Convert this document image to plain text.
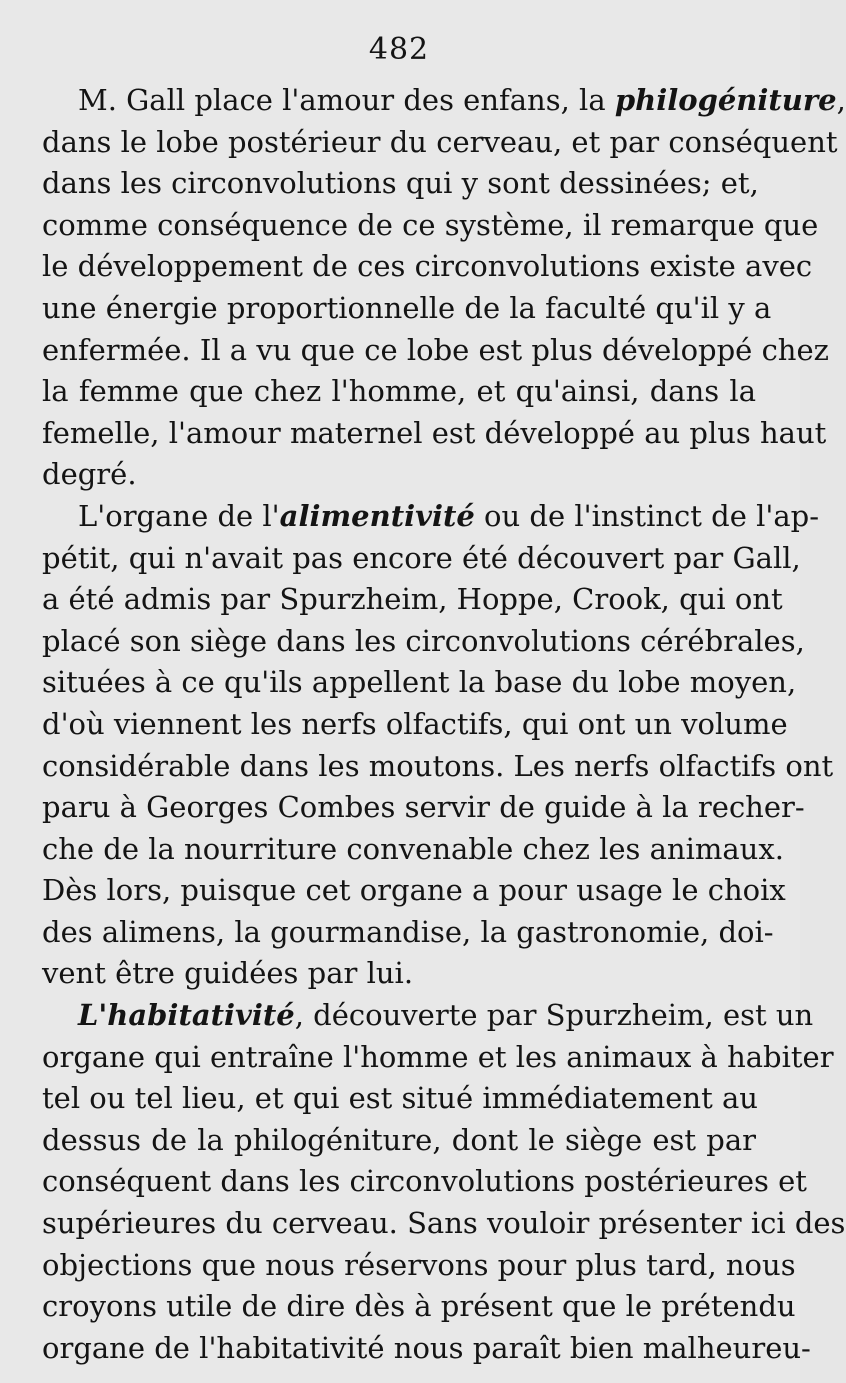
482
M. Gall place l'amour des enfans, la philogéniture,
dans le lobe postérieur du cerveau, et par conséquent
dans les circonvolutions qui y sont dessinées; et,
comme conséquence de ce système, il remarque que
le développement de ces circonvolutions existe avec
une énergie proportionnelle de la faculté qu'il y a
enfermée. Il a vu que ce lobe est plus développé chez
la femme que chez l'homme, et qu'ainsi, dans la
femelle, l'amour maternel est développé au plus haut
degré.
L'organe de l'alimentivité ou de l'instinct de l'ap-
pétit, qui n'avait pas encore été découvert par Gall,
a été admis par Spurzheim, Hoppe, Crook, qui ont
placé son siège dans les circonvolutions cérébrales,
situées à ce qu'ils appellent la base du lobe moyen,
d'où viennent les nerfs olfactifs, qui ont un volume
considérable dans les moutons. Les nerfs olfactifs ont
paru à Georges Combes servir de guide à la recher-
che de la nourriture convenable chez les animaux.
Dès lors, puisque cet organe a pour usage le choix
des alimens, la gourmandise, la gastronomie, doi-
vent être guidées par lui.
L'habitativité, découverte par Spurzheim, est un
organe qui entraîne l'homme et les animaux à habiter
tel ou tel lieu, et qui est situé immédiatement au
dessus de la philogéniture, dont le siège est par
conséquent dans les circonvolutions postérieures et
supérieures du cerveau. Sans vouloir présenter ici des
objections que nous réservons pour plus tard, nous
croyons utile de dire dès à présent que le prétendu
organe de l'habitativité nous paraît bien malheureu-
